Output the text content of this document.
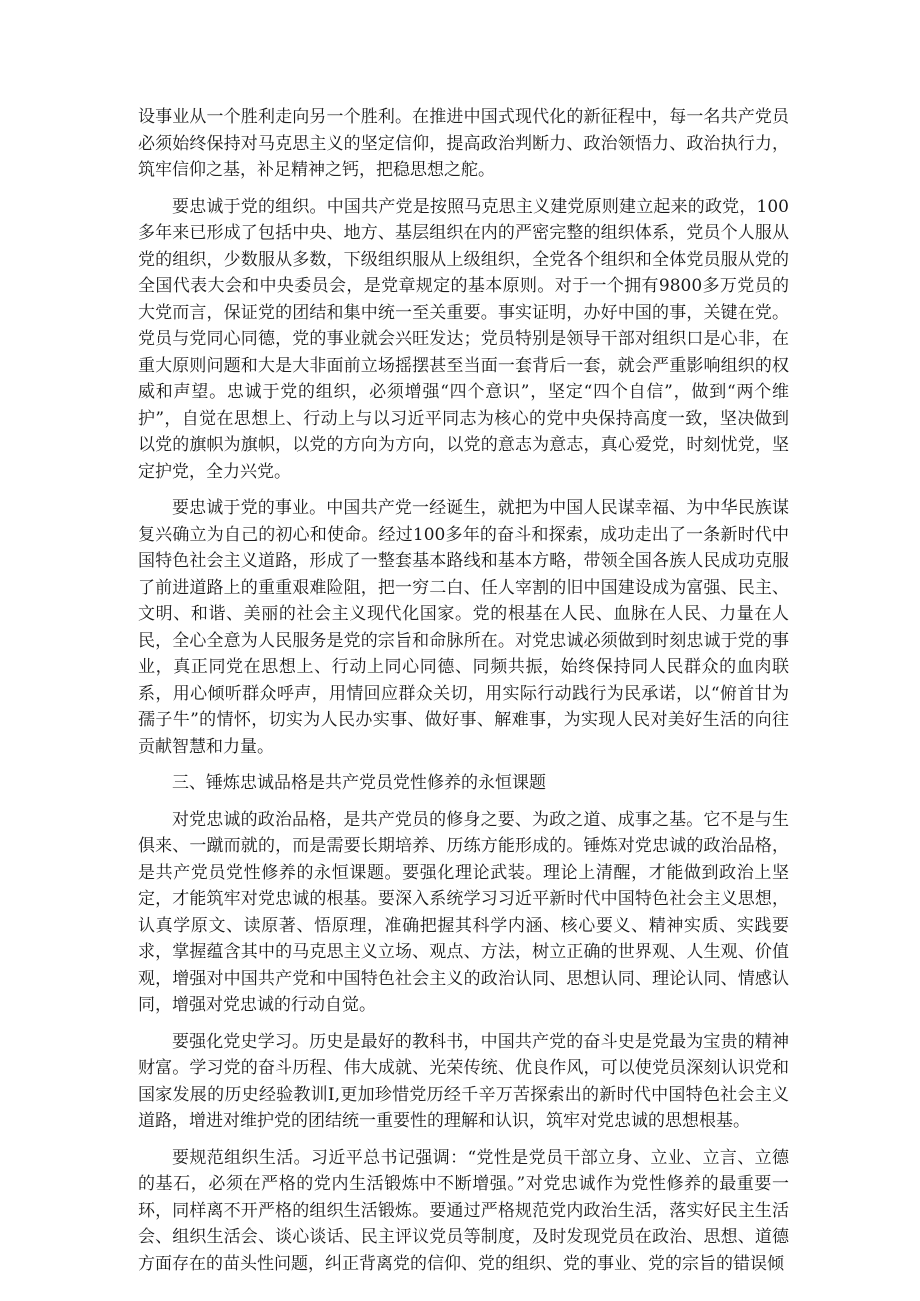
设事业从一个胜利走向另一个胜利。在推进中国式现代化的新征程中，每一名共产党员必须始终保持对马克思主义的坚定信仰，提高政治判断力、政治领悟力、政治执行力，筑牢信仰之基，补足精神之钙，把稳思想之舵。

要忠诚于党的组织。中国共产党是按照马克思主义建党原则建立起来的政党，100多年来已形成了包括中央、地方、基层组织在内的严密完整的组织体系，党员个人服从党的组织，少数服从多数，下级组织服从上级组织，全党各个组织和全体党员服从党的全国代表大会和中央委员会，是党章规定的基本原则。对于一个拥有9800多万党员的大党而言，保证党的团结和集中统一至关重要。事实证明，办好中国的事，关键在党。党员与党同心同德，党的事业就会兴旺发达；党员特别是领导干部对组织口是心非，在重大原则问题和大是大非面前立场摇摆甚至当面一套背后一套，就会严重影响组织的权威和声望。忠诚于党的组织，必须增强“四个意识”，坚定“四个自信”，做到“两个维护”，自觉在思想上、行动上与以习近平同志为核心的党中央保持高度一致，坚决做到以党的旗帜为旗帜，以党的方向为方向，以党的意志为意志，真心爱党，时刻忧党，坚定护党，全力兴党。

要忠诚于党的事业。中国共产党一经诞生，就把为中国人民谋幸福、为中华民族谋复兴确立为自己的初心和使命。经过100多年的奋斗和探索，成功走出了一条新时代中国特色社会主义道路，形成了一整套基本路线和基本方略，带领全国各族人民成功克服了前进道路上的重重艰难险阻，把一穷二白、任人宰割的旧中国建设成为富强、民主、文明、和谐、美丽的社会主义现代化国家。党的根基在人民、血脉在人民、力量在人民，全心全意为人民服务是党的宗旨和命脉所在。对党忠诚必须做到时刻忠诚于党的事业，真正同党在思想上、行动上同心同德、同频共振，始终保持同人民群众的血肉联系，用心倾听群众呼声，用情回应群众关切，用实际行动践行为民承诺，以“俯首甘为孺子牛”的情怀，切实为人民办实事、做好事、解难事，为实现人民对美好生活的向往贡献智慧和力量。

三、锤炼忠诚品格是共产党员党性修养的永恒课题

对党忠诚的政治品格，是共产党员的修身之要、为政之道、成事之基。它不是与生俱来、一蹴而就的，而是需要长期培养、历练方能形成的。锤炼对党忠诚的政治品格，是共产党员党性修养的永恒课题。要强化理论武装。理论上清醒，才能做到政治上坚定，才能筑牢对党忠诚的根基。要深入系统学习习近平新时代中国特色社会主义思想，认真学原文、读原著、悟原理，准确把握其科学内涵、核心要义、精神实质、实践要求，掌握蕴含其中的马克思主义立场、观点、方法，树立正确的世界观、人生观、价值观，增强对中国共产党和中国特色社会主义的政治认同、思想认同、理论认同、情感认同，增强对党忠诚的行动自觉。

要强化党史学习。历史是最好的教科书，中国共产党的奋斗史是党最为宝贵的精神财富。学习党的奋斗历程、伟大成就、光荣传统、优良作风，可以使党员深刻认识党和国家发展的历史经验教训I,更加珍惜党历经千辛万苦探索出的新时代中国特色社会主义道路，增进对维护党的团结统一重要性的理解和认识，筑牢对党忠诚的思想根基。

要规范组织生活。习近平总书记强调：“党性是党员干部立身、立业、立言、立德的基石，必须在严格的党内生活锻炼中不断增强。”对党忠诚作为党性修养的最重要一环，同样离不开严格的组织生活锻炼。要通过严格规范党内政治生活，落实好民主生活会、组织生活会、谈心谈话、民主评议党员等制度，及时发现党员在政治、思想、道德方面存在的苗头性问题，纠正背离党的信仰、党的组织、党的事业、党的宗旨的错误倾
